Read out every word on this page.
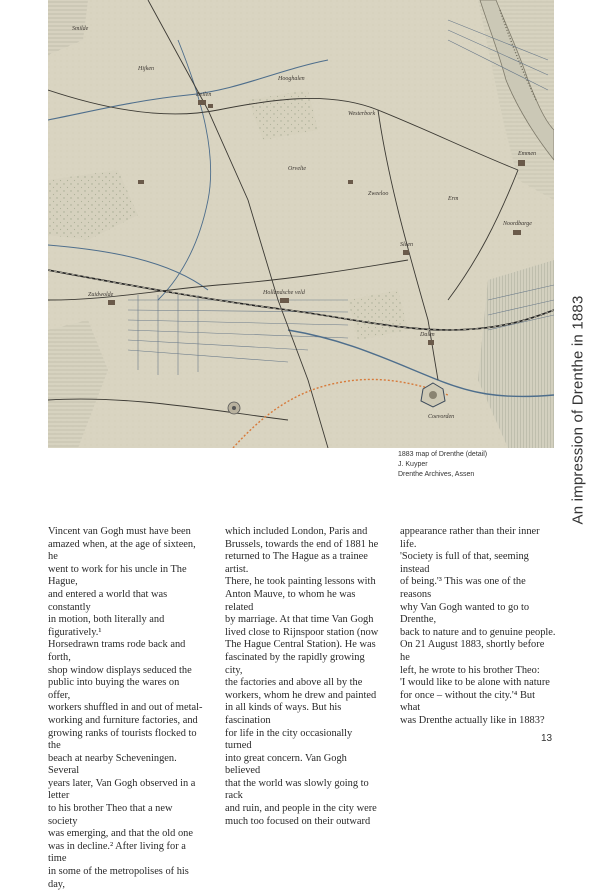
Smilde
Hijken
Hooghalen
Beilen
Westerbork
Orvelte
Zweeloo
Erm
Emmen
Noordbarge
Sleen
Zuidwolde	Hollandsche veld
Dalen
Coevorden	An impression of Drenthe in 1883
1883 map of Drenthe (detail)
J. Kuyper
Drenthe Archives, Assen
Vincent van Gogh must have been
amazed when, at the age of sixteen, he
went to work for his uncle in The Hague,
and entered a world that was constantly
in motion, both literally and figuratively.¹
Horsedrawn trams rode back and forth,
shop window displays seduced the
public into buying the wares on offer,
workers shuffled in and out of metal-
working and furniture factories, and
growing ranks of tourists flocked to the
beach at nearby Scheveningen. Several
years later, Van Gogh observed in a letter
to his brother Theo that a new society
was emerging, and that the old one
was in decline.² After living for a time
in some of the metropolises of his day,
which included London, Paris and
Brussels, towards the end of 1881 he
returned to The Hague as a trainee artist.
There, he took painting lessons with
Anton Mauve, to whom he was related
by marriage. At that time Van Gogh
lived close to Rijnspoor station (now
The Hague Central Station). He was
fascinated by the rapidly growing city,
the factories and above all by the
workers, whom he drew and painted
in all kinds of ways. But his fascination
for life in the city occasionally turned
into great concern. Van Gogh believed
that the world was slowly going to rack
and ruin, and people in the city were
much too focused on their outward
appearance rather than their inner life.
'Society is full of that, seeming instead
of being.'³ This was one of the reasons
why Van Gogh wanted to go to Drenthe,
back to nature and to genuine people.
On 21 August 1883, shortly before he
left, he wrote to his brother Theo:
'I would like to be alone with nature
for once – without the city.'⁴ But what
was Drenthe actually like in 1883?
13
